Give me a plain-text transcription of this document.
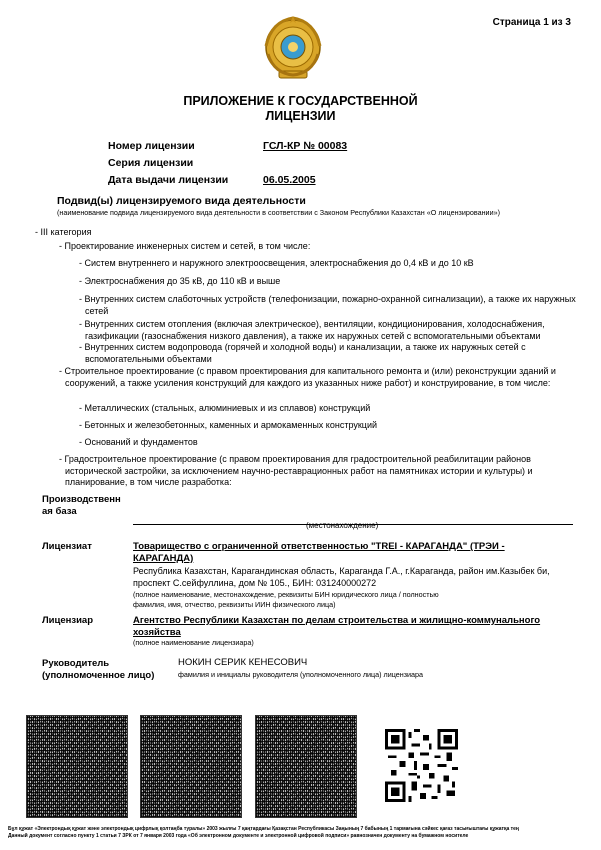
Страница 1 из 3
ПРИЛОЖЕНИЕ К ГОСУДАРСТВЕННОЙ
ЛИЦЕНЗИИ
Номер лицензии	ГСЛ-КР № 00083
Серия лицензии
Дата выдачи лицензии	06.05.2005
Подвид(ы) лицензируемого вида деятельности
(наименование подвида лицензируемого вида деятельности в соответствии с Законом Республики Казахстан «О лицензировании»)
- III категория
- Проектирование инженерных систем и сетей, в том числе:
- Систем внутреннего и наружного электроосвещения, электроснабжения до 0,4 кВ и до 10 кВ
- Электроснабжения до 35 кВ, до 110 кВ и выше
- Внутренних систем слаботочных устройств (телефонизации, пожарно-охранной сигнализации), а также их наружных сетей
- Внутренних систем отопления (включая электрическое), вентиляции, кондиционирования, холодоснабжения, газификации (газоснабжения низкого давления), а также их наружных сетей с вспомогательными объектами
- Внутренних систем водопровода (горячей и холодной воды) и канализации, а также их наружных сетей с вспомогательными объектами
- Строительное проектирование (с правом проектирования для капитального ремонта и (или) реконструкции зданий и сооружений, а также усиления конструкций для каждого из указанных ниже работ) и конструирование, в том числе:
- Металлических (стальных, алюминиевых и из сплавов) конструкций
- Бетонных и железобетонных, каменных и армокаменных конструкций
- Оснований и фундаментов
- Градостроительное проектирование (с правом проектирования для градостроительной реабилитации районов исторической застройки, за исключением научно-реставрационных работ на памятниках истории и культуры) и планирование, в том числе разработка:
Производственн
ая база
(местонахождение)
Лицензиат	Товарищество с ограниченной ответственностью "TREI - КАРАГАНДА" (ТРЭИ - КАРАГАНДА)
Республика Казахстан, Карагандинская область, Караганда Г.А., г.Караганда, район им.Казыбек би, проспект С.сейфуллина, дом № 105., БИН: 031240000272
(полное наименование, местонахождение, реквизиты БИН юридического лица / полностью фамилия, имя, отчество, реквизиты ИИН физического лица)
Лицензиар	Агентство Республики Казахстан по делам строительства и жилищно-коммунального хозяйства
(полное наименование лицензиара)
Руководитель
(уполномоченное лицо)
НОКИН СЕРИК КЕНЕСОВИЧ
фамилия и инициалы руководителя (уполномоченного лица) лицензиара
Бұл құжат «Электрондық құжат және электрондық цифрлық қолтаңба туралы» 2003 жылғы 7 қаңтардағы Қазақстан Республикасы Заңының 7 бабының 1 тармағына сәйкес қағаз тасығыштағы құжатқа тең
Данный документ согласно пункту 1 статьи 7 ЗРК от 7 января 2003 года «Об электронном документе и электронной цифровой подписи» равнозначен документу на бумажном носителе
